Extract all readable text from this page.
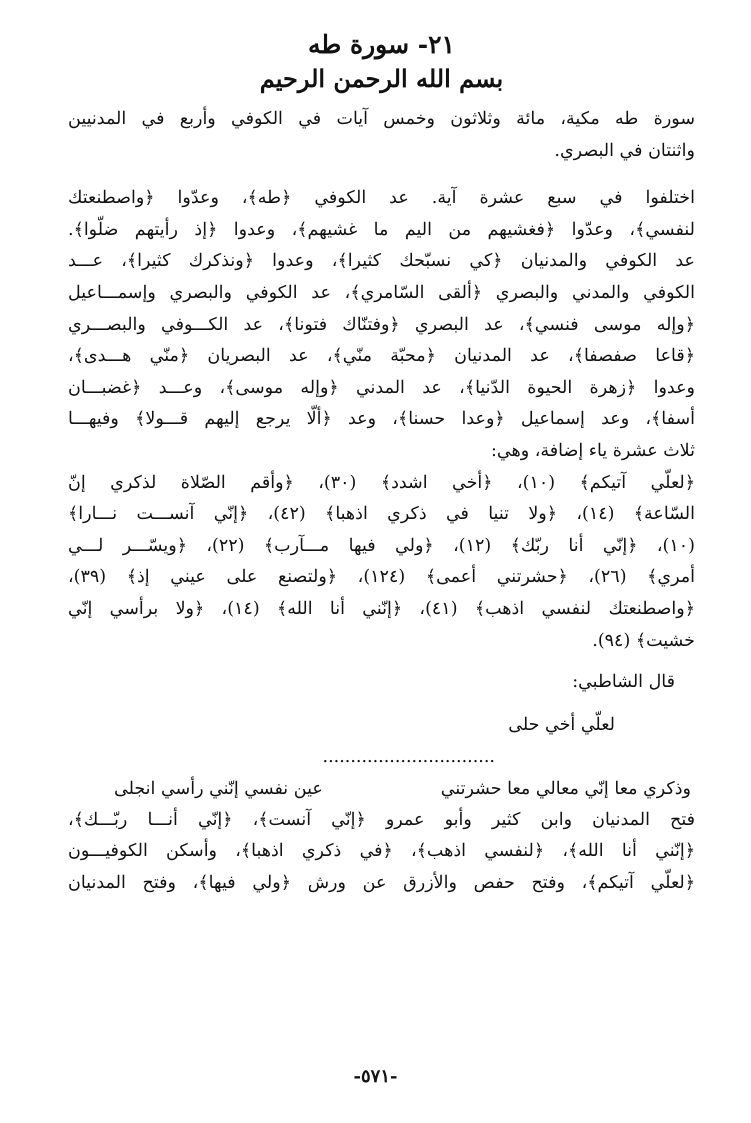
٢١- سورة طه
بسم الله الرحمن الرحيم
سورة طه مكية، مائة وثلاثون وخمس آيات في الكوفي وأربع في المدنيين
واثنتان في البصري.
اختلفوا في سبع عشرة آية. عد الكوفي ﴿طه﴾، وعدّوا ﴿واصطنعتك
لنفسي﴾، وعدّوا ﴿فغشيهم من اليم ما غشيهم﴾، وعدوا ﴿إذ رأيتهم ضلّوا﴾.
عد الكوفي والمدنيان ﴿كي نسبّحك كثيرا﴾، وعدوا ﴿ونذكرك كثيرا﴾، عـــد
الكوفي والمدني والبصري ﴿ألقى السّامري﴾، عد الكوفي والبصري وإسمـــاعيل
﴿وإله موسى فنسي﴾، عد البصري ﴿وفتنّاك فتونا﴾، عد الكـــوفي والبصـــري
﴿قاعا صفصفا﴾، عد المدنيان ﴿محبّة منّي﴾، عد البصريان ﴿منّي هـــدى﴾،
وعدوا ﴿زهرة الحيوة الدّنيا﴾، عد المدني ﴿وإله موسى﴾، وعـــد ﴿غضبـــان
أسفا﴾، وعد إسماعيل ﴿وعدا حسنا﴾، وعد ﴿ألّا يرجع إليهم قـــولا﴾ وفيهـــا
ثلاث عشرة ياء إضافة، وهي:
﴿لعلّي آتيكم﴾ (١٠)، ﴿أخي اشدد﴾ (٣٠)، ﴿وأقم الصّلاة لذكري إنّ
السّاعة﴾ (١٤)، ﴿ولا تنيا في ذكري اذهبا﴾ (٤٢)، ﴿إنّي آنســـت نـــارا﴾
(١٠)، ﴿إنّي أنا ربّك﴾ (١٢)، ﴿ولي فيها مـــآرب﴾ (٢٢)، ﴿ويسّـــر لـــي
أمري﴾ (٢٦)، ﴿حشرتني أعمى﴾ (١٢٤)، ﴿ولتصنع على عيني إذ﴾ (٣٩)،
﴿واصطنعتك لنفسي اذهب﴾ (٤١)، ﴿إنّني أنا الله﴾ (١٤)، ﴿ولا برأسي إنّي
خشيت﴾ (٩٤).
قال الشاطبي:
لعلّي أخي حلى
...............................
وذكري معا إنّي معالي معا حشرتني
عين نفسي إنّني رأسي انجلى
فتح المدنيان وابن كثير وأبو عمرو ﴿إنّي آنست﴾، ﴿إنّي أنـــا ربّـــك﴾،
﴿إنّني أنا الله﴾، ﴿لنفسي اذهب﴾، ﴿في ذكري اذهبا﴾، وأسكن الكوفيـــون
﴿لعلّي آتيكم﴾، وفتح حفص والأزرق عن ورش ﴿ولي فيها﴾، وفتح المدنيان
-٥٧١-
